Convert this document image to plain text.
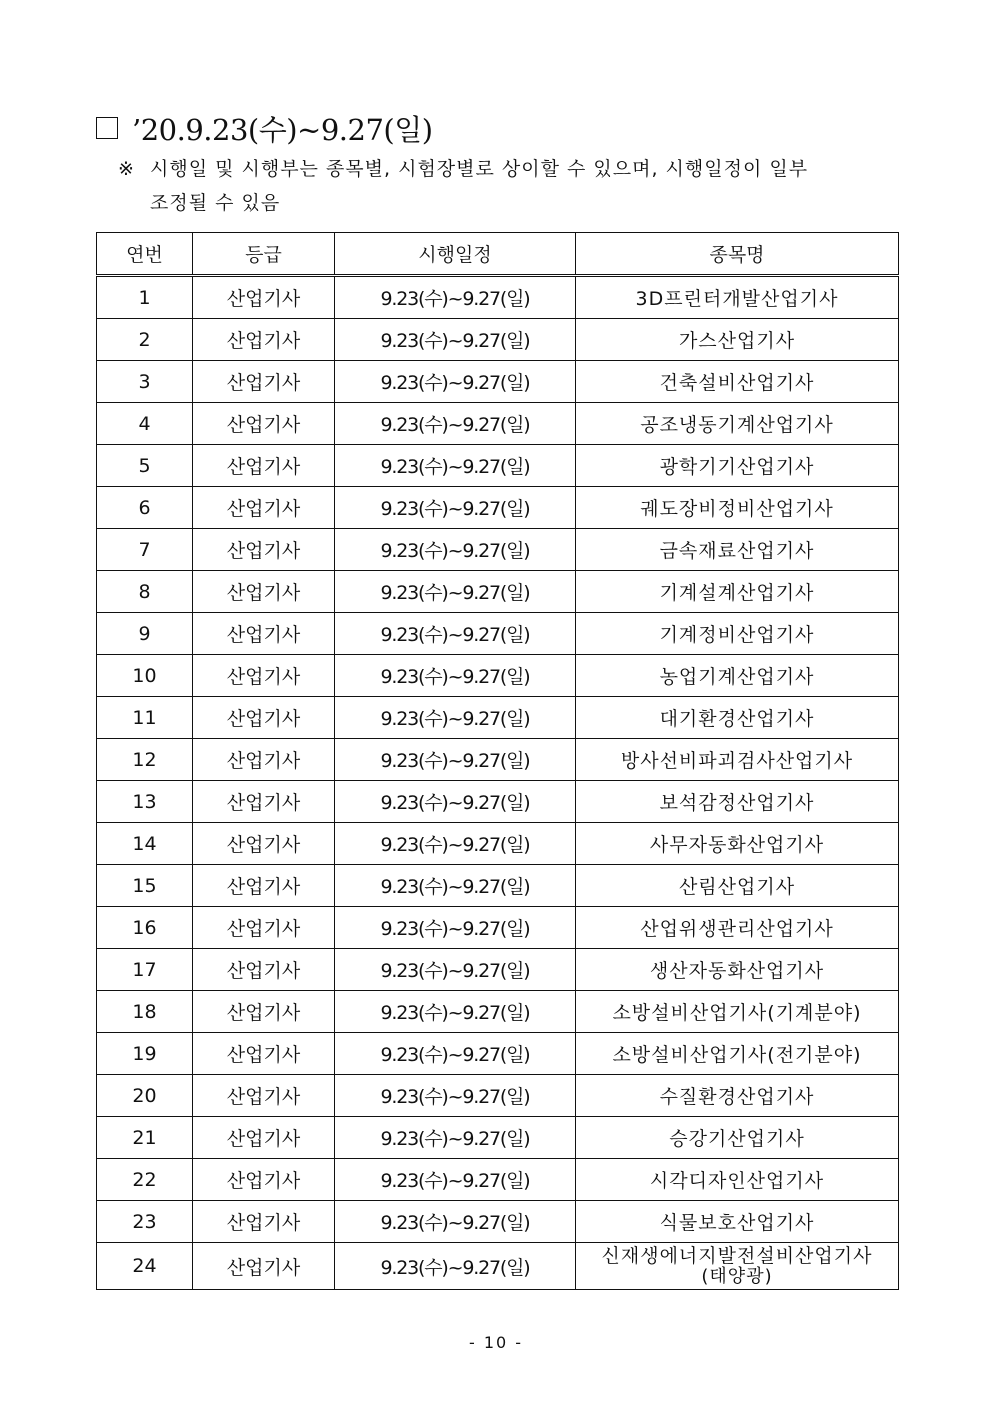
’20.9.23(수)~9.27(일)
※ 시행일 및 시행부는 종목별, 시험장별로 상이할 수 있으며, 시행일정이 일부
조정될 수 있음
연번	등급	시행일정	종목명
1	산업기사	9.23(수)~9.27(일)	3D프린터개발산업기사
2	산업기사	9.23(수)~9.27(일)	가스산업기사
3	산업기사	9.23(수)~9.27(일)	건축설비산업기사
4	산업기사	9.23(수)~9.27(일)	공조냉동기계산업기사
5	산업기사	9.23(수)~9.27(일)	광학기기산업기사
6	산업기사	9.23(수)~9.27(일)	궤도장비정비산업기사
7	산업기사	9.23(수)~9.27(일)	금속재료산업기사
8	산업기사	9.23(수)~9.27(일)	기계설계산업기사
9	산업기사	9.23(수)~9.27(일)	기계정비산업기사
10	산업기사	9.23(수)~9.27(일)	농업기계산업기사
11	산업기사	9.23(수)~9.27(일)	대기환경산업기사
12	산업기사	9.23(수)~9.27(일)	방사선비파괴검사산업기사
13	산업기사	9.23(수)~9.27(일)	보석감정산업기사
14	산업기사	9.23(수)~9.27(일)	사무자동화산업기사
15	산업기사	9.23(수)~9.27(일)	산림산업기사
16	산업기사	9.23(수)~9.27(일)	산업위생관리산업기사
17	산업기사	9.23(수)~9.27(일)	생산자동화산업기사
18	산업기사	9.23(수)~9.27(일)	소방설비산업기사(기계분야)
19	산업기사	9.23(수)~9.27(일)	소방설비산업기사(전기분야)
20	산업기사	9.23(수)~9.27(일)	수질환경산업기사
21	산업기사	9.23(수)~9.27(일)	승강기산업기사
22	산업기사	9.23(수)~9.27(일)	시각디자인산업기사
23	산업기사	9.23(수)~9.27(일)	식물보호산업기사
24	산업기사	9.23(수)~9.27(일)	신재생에너지발전설비산업기사
(태양광)
- 10 -
